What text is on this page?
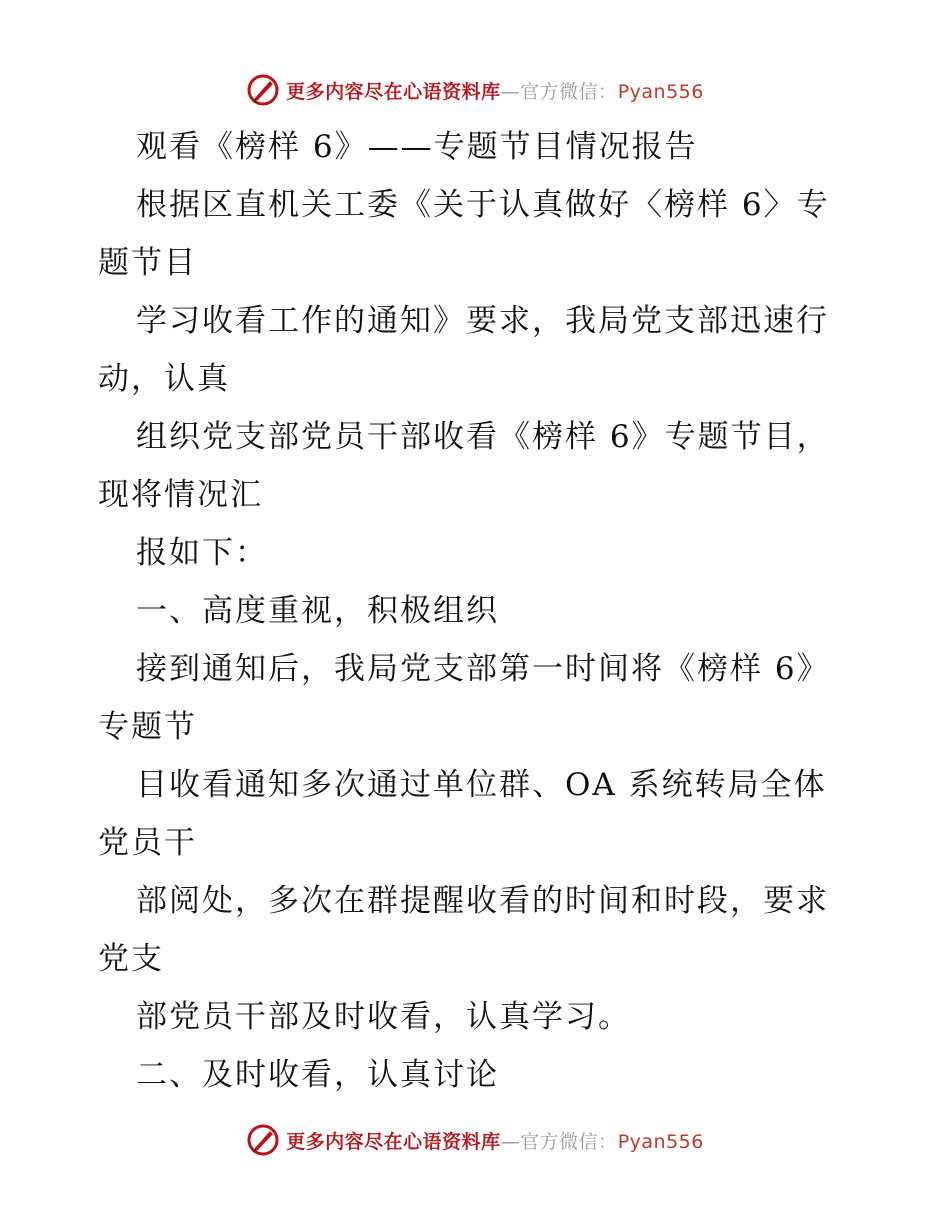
更多内容尽在心语资料库—官方微信：Pyan556
观看《榜样 6》——专题节目情况报告
根据区直机关工委《关于认真做好〈榜样 6〉专
题节目
学习收看工作的通知》要求，我局党支部迅速行
动，认真
组织党支部党员干部收看《榜样 6》专题节目，
现将情况汇
报如下：
一、高度重视，积极组织
接到通知后，我局党支部第一时间将《榜样 6》
专题节
目收看通知多次通过单位群、OA 系统转局全体
党员干
部阅处，多次在群提醒收看的时间和时段，要求
党支
部党员干部及时收看，认真学习。
二、及时收看，认真讨论
更多内容尽在心语资料库—官方微信：Pyan556
